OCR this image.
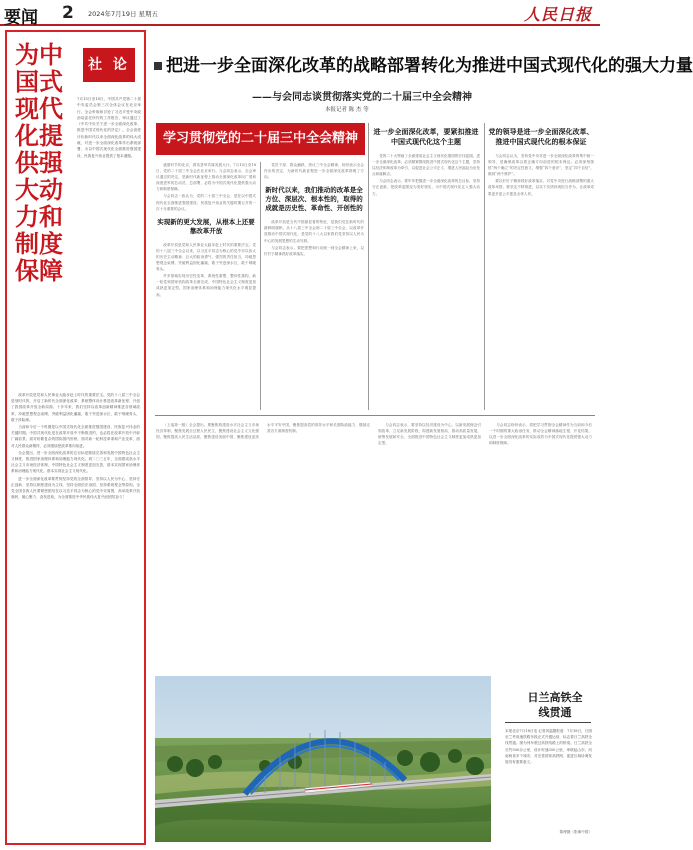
要闻 2 2024年7月19日 星期五	人民日报
为中国式现代化提供强大动力和制度保障
社 论
7月15日至18日，中国共产党第二十届中央委员会第三次全体会议在北京举行。全会听取和讨论了习近平受中央政治局委托所作的工作报告，审议通过了《中共中央关于进一步全面深化改革、推进中国式现代化的决定》。全会高度评价新时代以来全面深化改革的伟大成就，对进一步全面深化改革作出系统部署，为以中国式现代化全面推进强国建设、民族复兴伟业提供了根本遵循。

改革开放是党和人民事业大踏步赶上时代的重要法宝。党的十八届三中全会是划时代的，开启了新时代全面深化改革、系统整体设计推进改革新征程，开创了我国改革开放全新局面。十多年来，我们坚持以改革创新精神推进各领域改革，冲破思想观念束缚，突破利益固化藩篱，敢于突进深水区，敢于啃硬骨头，敢于涉险滩。

当前和今后一个时期是以中国式现代化全面推进强国建设、民族复兴伟业的关键时期。中国式现代化是在改革开放中不断推进的，也必将在改革开放中开辟广阔前景。面对纷繁复杂的国际国内形势，面对新一轮科技革命和产业变革，面对人民群众新期待，必须继续把改革推向前进。

全会提出，进一步全面深化改革的总目标是继续完善和发展中国特色社会主义制度，推进国家治理体系和治理能力现代化。到二〇三五年，全面建成高水平社会主义市场经济体制，中国特色社会主义制度更加完善，基本实现国家治理体系和治理能力现代化，基本实现社会主义现代化。

进一步全面深化改革要贯彻坚持党的全面领导、坚持以人民为中心、坚持守正创新、坚持以制度建设为主线、坚持全面依法治国、坚持系统观念等原则。全党全国各族人民要紧密团结在以习近平同志为核心的党中央周围，高举改革开放旗帜，凝心聚力、奋发进取，为全面推进中华民族伟大复兴而团结奋斗！

把进一步全面深化改革的战略部署转化为推进中国式现代化的强大力量
——与会同志谈贯彻落实党的二十届三中全会精神
本报记者 陈 杰 等
学习贯彻党的二十届三中全会精神

盛夏时节的北京，群英荟萃共谋发展大计。7月15日至18日，党的二十届三中全会在北京举行。与会同志表示，全会审议通过的决定，是新时代新征程上推动全面深化改革向广度和深度进军的总动员、总部署，必将为中国式现代化提供强大动力和制度保障。

与会同志一致认为，党的二十届三中全会，是在以中国式现代化全面推进强国建设、民族复兴伟业的关键时期召开的一次十分重要的会议。

实现新的更大发展，从根本上还要靠改革开放

改革开放是党和人民事业大踏步赶上时代的重要法宝。党的十八届三中全会以来，以习近平同志为核心的党中央以伟大的历史主动精神、巨大的政治勇气、强烈的责任担当，冲破思想观念束缚，突破利益固化藩篱，敢于突进深水区，敢于啃硬骨头。

许多领域实现历史性变革、系统性重塑、整体性重构，新一轮党和国家机构改革全面完成，中国特色社会主义制度更加成熟更加定型，国家治理体系和治理能力现代化水平明显提高。

党员干部、群众踊跃，热议三中全会精神，纷纷表示全会作出的决定，为新时代新征程进一步全面深化改革指明了方向。

新时代以来，我们推动的改革是全方位、深层次、根本性的，取得的成就是历史性、革命性、开创性的

改革开放是当代中国最显著的特征，是我们党在新时代的最鲜明旗帜。从十八届三中全会到二十届三中全会，以改革开放推动中国式现代化，是党的十八大以来我们党坚持以人民为中心的发展思想的生动写照。

与会同志表示，要把思想和行动统一到全会精神上来，以钉钉子精神抓好改革落实。

进一步全面深化改革，要紧扣推进中国式现代化这个主题

党的二十大擘画了全面建成社会主义现代化强国的宏伟蓝图。进一步全面深化改革，必须紧紧围绕推进中国式现代化这个主题，坚持以经济体制改革为牵引，以促进社会公平正义、增进人民福祉为出发点和落脚点。

与会同志表示，要牢牢把握进一步全面深化改革的总目标，坚持守正创新，把改革蓝图变为美好现实，为中国式现代化注入强大动力。

党的领导是进一步全面深化改革、推进中国式现代化的根本保证

与会同志认为，坚持党中央对进一步全面深化改革的集中统一领导，是确保改革沿着正确方向前进的根本保证。必须深刻领悟“两个确立”的决定性意义，增强“四个意识”，坚定“四个自信”，做到“两个维护”。

要以钉钉子精神抓好改革落实，对党中央进行战略部署的重大改革举措，要坚定不移推进，以实干实绩体现担当作为，让改革成果更多更公平惠及全体人民。

（上接第一版）全会提出，要聚焦构建高水平社会主义市场经济体制，聚焦发展全过程人民民主，聚焦建设社会主义文化强国，聚焦提高人民生活品质，聚焦建设美丽中国，聚焦建设更高水平平安中国，聚焦提高党的领导水平和长期执政能力，继续完善各方面制度机制。

与会同志表示，要坚持以经济建设为中心，以新发展理念引领改革，立足新发展阶段，构建新发展格局，推动高质量发展，统筹发展和安全，全面推进中国特色社会主义制度更加成熟更加定型。

与会同志纷纷表示，将把学习贯彻全会精神作为当前和今后一个时期的重大政治任务，推动全会精神落地生根、开花结果，以进一步全面深化改革的实际成效为中国式现代化提供强大动力和制度保障。

日兰高铁全线贯通
本报北京7月18日电 记者刘温馨报道：7月18日，日照至兰考高速铁路东段正式开通运营，标志着日兰高铁全线贯通。图为列车驶过高铁线路上的桥梁。日兰高铁全长约500余公里，设计时速350公里，串联起山东、河南两省多个城市，对完善国家高铁网、促进区域协调发展具有重要意义。
陈博摄（影像中国）
